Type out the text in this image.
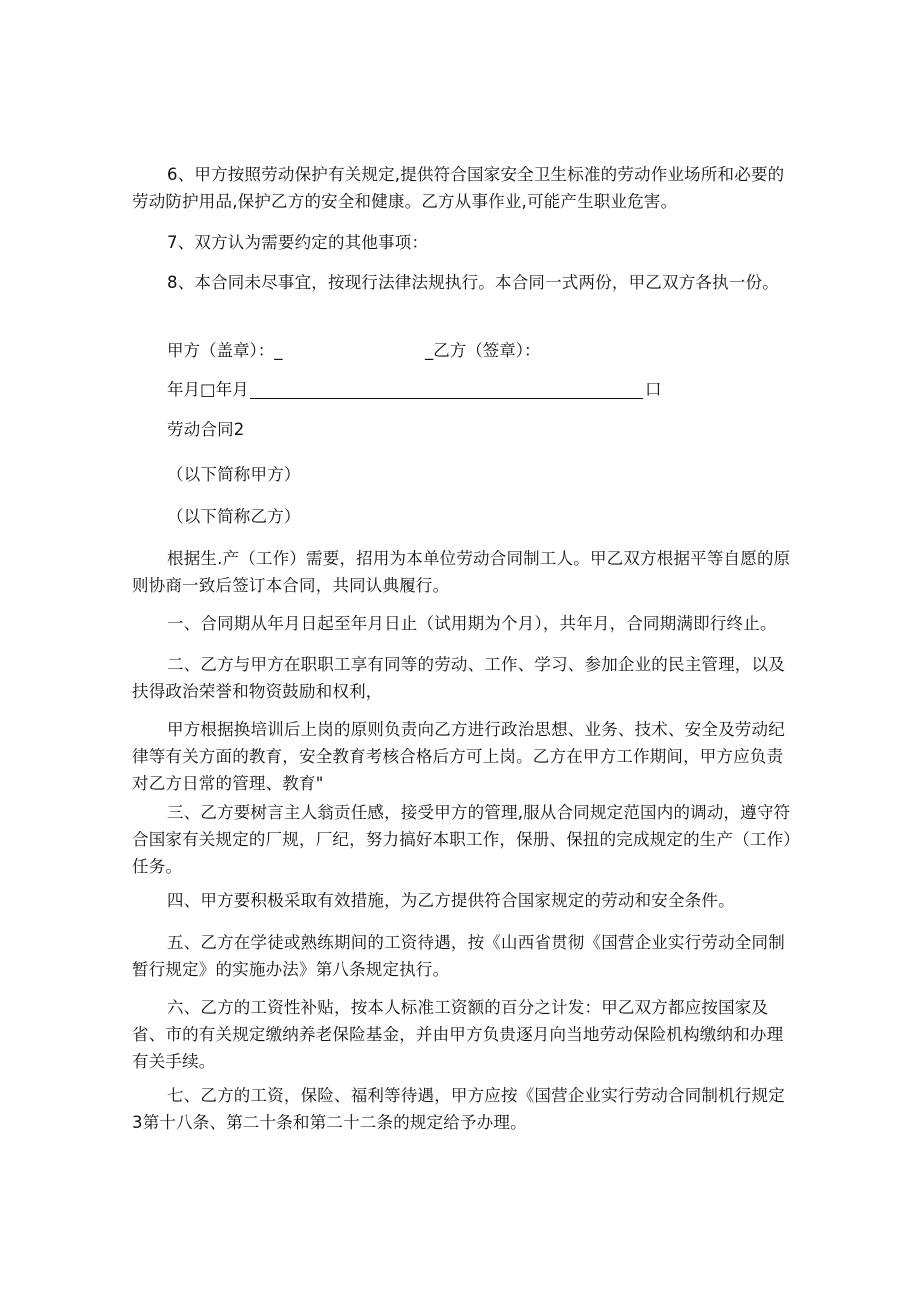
6、甲方按照劳动保护有关规定,提供符合国家安全卫生标准的劳动作业场所和必要的劳动防护用品,保护乙方的安全和健康。乙方从事作业,可能产生职业危害。

7、双方认为需要约定的其他事项：

8、本合同未尽事宜，按现行法律法规执行。本合同一式两份，甲乙双方各执一份。

甲方（盖章）：_	_乙方（签章）：
年月□年月	口

劳动合同2

（以下简称甲方）

（以下简称乙方）

根据生.产（工作）需要，招用为本单位劳动合同制工人。甲乙双方根据平等自愿的原则协商一致后签订本合同，共同认典履行。

一、合同期从年月日起至年月日止（试用期为个月），共年月，合同期满即行终止。

二、乙方与甲方在职职工享有同等的劳动、工作、学习、参加企业的民主管理，以及扶得政治荣誉和物资鼓励和权利，

甲方根据换培训后上岗的原则负责向乙方进行政治思想、业务、技术、安全及劳动纪律等有关方面的教育，安全教育考核合格后方可上岗。乙方在甲方工作期间，甲方应负责对乙方日常的管理、教育"

三、乙方要树言主人翁贡任感，接受甲方的管理,服从合同规定范国内的调动，遵守符合国家有关规定的厂规，厂纪，努力搞好本职工作，保册、保扭的完成规定的生产（工作）任务。

四、甲方要积极采取有效措施，为乙方提供符合国家规定的劳动和安全条件。

五、乙方在学徒或熟练期间的工资待遇，按《山西省贯彻《国营企业实行劳动全同制暂行规定》的实施办法》第八条规定执行。

六、乙方的工资性补贴，按本人标准工资额的百分之计发：甲乙双方都应按国家及省、市的有关规定缴纳养老保险基金，并由甲方负贵逐月向当地劳动保险机构缴纳和办理有关手续。

七、乙方的工资，保险、福利等待遇，甲方应按《国营企业实行劳动合同制机行规定3第十八条、第二十条和第二十二条的规定给予办理。
